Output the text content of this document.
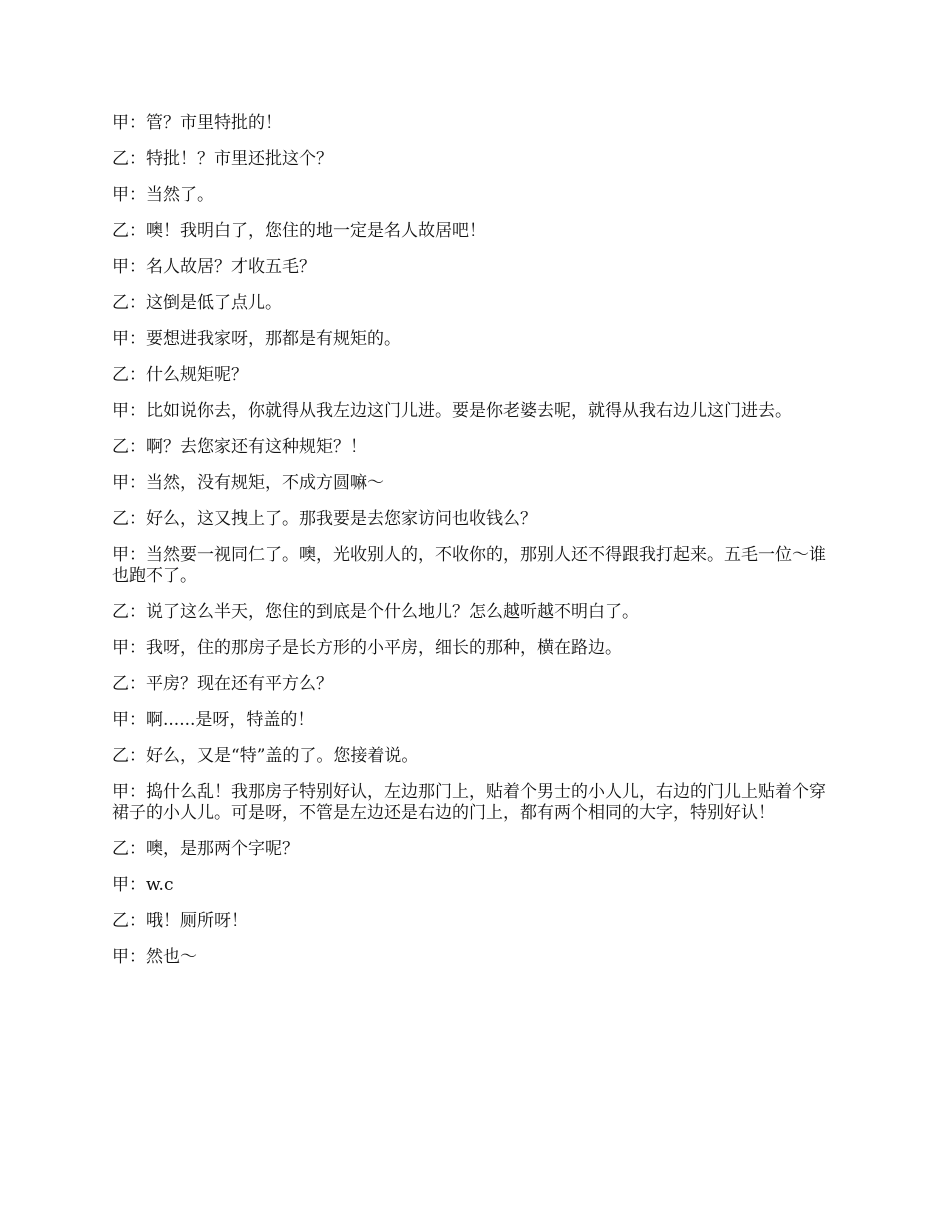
甲：管？市里特批的！

乙：特批！？市里还批这个？

甲：当然了。

乙：噢！我明白了，您住的地一定是名人故居吧！

甲：名人故居？才收五毛？

乙：这倒是低了点儿。

甲：要想进我家呀，那都是有规矩的。

乙：什么规矩呢？

甲：比如说你去，你就得从我左边这门儿进。要是你老婆去呢，就得从我右边儿这门进去。

乙：啊？去您家还有这种规矩？！

甲：当然，没有规矩，不成方圆嘛～

乙：好么，这又拽上了。那我要是去您家访问也收钱么？

甲：当然要一视同仁了。噢，光收别人的，不收你的，那别人还不得跟我打起来。五毛一位～谁也跑不了。

乙：说了这么半天，您住的到底是个什么地儿？怎么越听越不明白了。

甲：我呀，住的那房子是长方形的小平房，细长的那种，横在路边。

乙：平房？现在还有平方么？

甲：啊......是呀，特盖的！

乙：好么，又是“特”盖的了。您接着说。

甲：捣什么乱！我那房子特别好认，左边那门上，贴着个男士的小人儿，右边的门儿上贴着个穿裙子的小人儿。可是呀，不管是左边还是右边的门上，都有两个相同的大字，特别好认！

乙：噢，是那两个字呢？

甲：w.c

乙：哦！厕所呀！

甲：然也～
